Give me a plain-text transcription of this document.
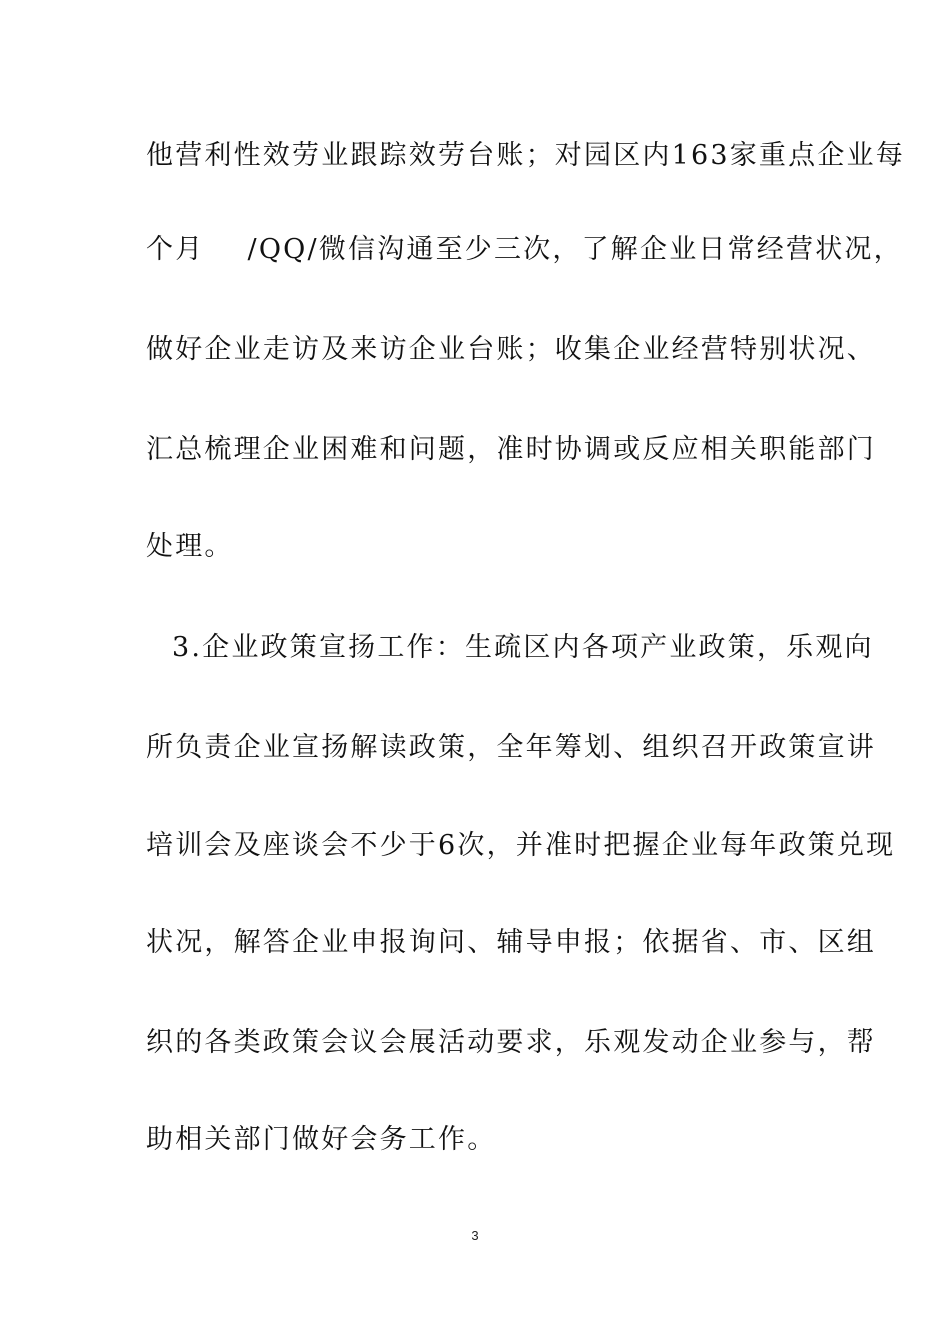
他营利性效劳业跟踪效劳台账；对园区内163家重点企业每
个月    /QQ/微信沟通至少三次，了解企业日常经营状况，
做好企业走访及来访企业台账；收集企业经营特别状况、
汇总梳理企业困难和问题，准时协调或反应相关职能部门
处理。
3.企业政策宣扬工作：生疏区内各项产业政策，乐观向
所负责企业宣扬解读政策，全年筹划、组织召开政策宣讲
培训会及座谈会不少于6次，并准时把握企业每年政策兑现
状况，解答企业申报询问、辅导申报；依据省、市、区组
织的各类政策会议会展活动要求，乐观发动企业参与，帮
助相关部门做好会务工作。
3
